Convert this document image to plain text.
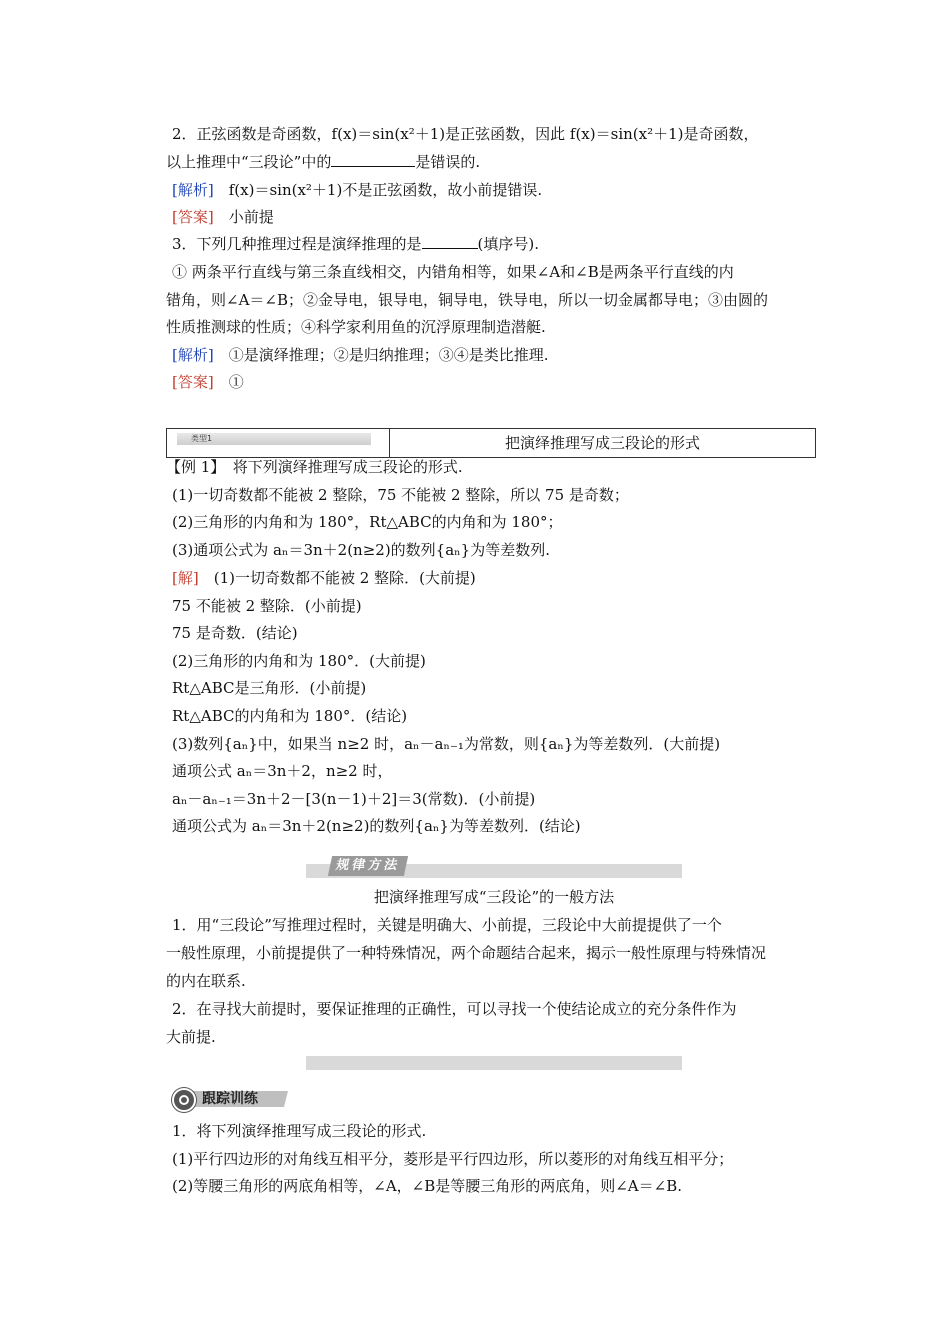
2．正弦函数是奇函数，f(x)＝sin(x²＋1)是正弦函数，因此 f(x)＝sin(x²＋1)是奇函数，
以上推理中“三段论”中的	是错误的.
[解析]　 f(x)＝sin(x²＋1)不是正弦函数，故小前提错误.
[答案]　 小前提
3．下列几种推理过程是演绎推理的是	(填序号).
① 两条平行直线与第三条直线相交，内错角相等，如果∠A和∠B是两条平行直线的内
错角，则∠A＝∠B；②金导电，银导电，铜导电，铁导电，所以一切金属都导电；③由圆的
性质推测球的性质；④科学家利用鱼的沉浮原理制造潜艇.
[解析]　 ①是演绎推理；②是归纳推理；③④是类比推理.
[答案]　 ①
类型1	把演绎推理写成三段论的形式
【例 1】　将下列演绎推理写成三段论的形式.
(1)一切奇数都不能被 2 整除，75 不能被 2 整除，所以 75 是奇数；
(2)三角形的内角和为 180°，Rt△ABC的内角和为 180°；
(3)通项公式为 aₙ＝3n＋2(n≥2)的数列{aₙ}为等差数列.
[解]　 (1)一切奇数都不能被 2 整除．(大前提)
75 不能被 2 整除．(小前提)
75 是奇数．(结论)
(2)三角形的内角和为 180°．(大前提)
Rt△ABC是三角形．(小前提)
Rt△ABC的内角和为 180°．(结论)
(3)数列{aₙ}中，如果当 n≥2 时，aₙ－aₙ₋₁为常数，则{aₙ}为等差数列．(大前提)
通项公式 aₙ＝3n＋2，n≥2 时，
aₙ－aₙ₋₁＝3n＋2－[3(n－1)＋2]＝3(常数)．(小前提)
通项公式为 aₙ＝3n＋2(n≥2)的数列{aₙ}为等差数列．(结论)
规律方法
把演绎推理写成“三段论”的一般方法
1．用“三段论”写推理过程时，关键是明确大、小前提，三段论中大前提提供了一个
一般性原理，小前提提供了一种特殊情况，两个命题结合起来，揭示一般性原理与特殊情况
的内在联系.
2．在寻找大前提时，要保证推理的正确性，可以寻找一个使结论成立的充分条件作为
大前提.
跟踪训练
1．将下列演绎推理写成三段论的形式.
(1)平行四边形的对角线互相平分，菱形是平行四边形，所以菱形的对角线互相平分；
(2)等腰三角形的两底角相等，∠A，∠B是等腰三角形的两底角，则∠A＝∠B.
